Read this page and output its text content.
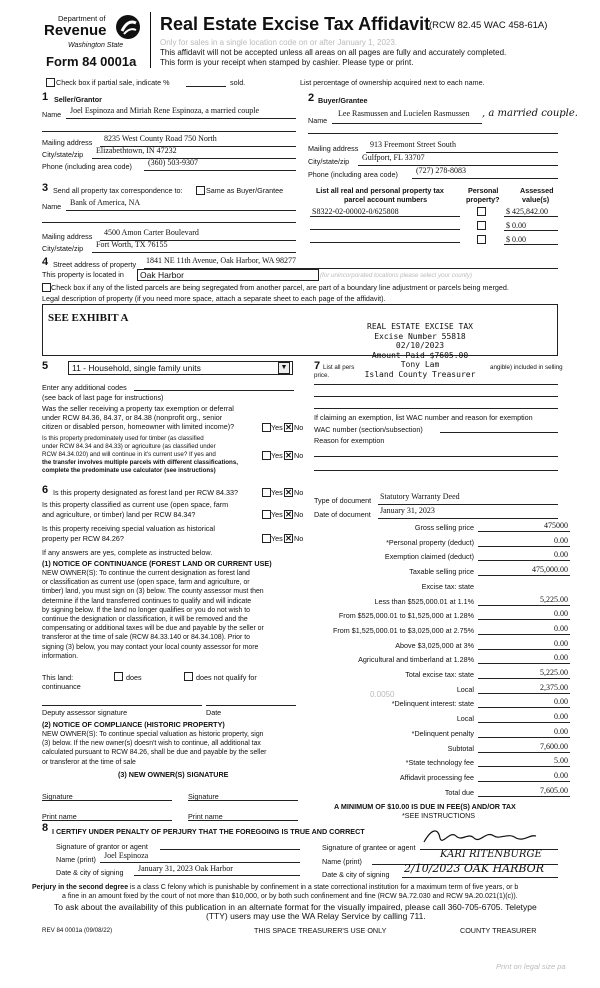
Department of
Revenue
Washington State
Form 84 0001a
Real Estate Excise Tax Affidavit
(RCW 82.45 WAC 458-61A)
Only for sales in a single location code on or after January 1, 2023.
This affidavit will not be accepted unless all areas on all pages are fully and accurately completed.
This form is your receipt when stamped by cashier. Please type or print.
Check box if partial sale, indicate %	sold.	List percentage of ownership acquired next to each name.
1 Seller/Grantor
Name Joel Espinoza and Miriah Rene Espinoza, a married couple
Mailing address 8235 West County Road 750 North
City/state/zip Elizabethtown, IN 47232
Phone (including area code) (360) 503-9307
2 Buyer/Grantee
Name
Lee Rasmussen and Lucielen Rasmussen , a married couple.
Mailing address 913 Freemont Street South
City/state/zip Gulfport, FL 33707
Phone (including area code) (727) 278-8083
3 Send all property tax correspondence to:	Same as Buyer/Grantee
Name Bank of America, NA
Mailing address 4500 Amon Carter Boulevard
City/state/zip Fort Worth, TX 76155
List all real and personal property tax
parcel account numbers
Personal
property?
Assessed
value(s)
S8322-02-00002-0/625808	$ 425,842.00
$ 0.00
$ 0.00
4 Street address of property 1841 NE 11th Avenue, Oak Harbor, WA 98277
This property is located in	Oak Harbor	(for unincorporated locations please select your county)
Check box if any of the listed parcels are being segregated from another parcel, are part of a boundary line adjustment or parcels being merged.
Legal description of property (if you need more space, attach a separate sheet to each page of the affidavit).
SEE EXHIBIT A
REAL ESTATE EXCISE TAX
Excise Number 55818
02/10/2023
Amount Paid $7605.00
Tony Lam
Island County Treasurer
5	11 - Household, single family units	▼
Enter any additional codes
(see back of last page for instructions)
Was the seller receiving a property tax exemption or deferral
under RCW 84.36, 84.37, or 84.38 (nonprofit org., senior
citizen or disabled person, homeowner with limited income)?	Yes ✕ No
Is this property predominately used for timber (as classified
under RCW 84.34 and 84.33) or agriculture (as classified under
RCW 84.34.020) and will continue in it's current use? If yes and
the transfer involves multiple parcels with different classifications,
complete the predominate use calculator (see instructions)
Yes ✕ No
7 List all pers
price.
angible) included in selling
If claiming an exemption, list WAC number and reason for exemption
WAC number (section/subsection)
Reason for exemption
6 Is this property designated as forest land per RCW 84.33?	Yes ✕ No
Is this property classified as current use (open space, farm
and agriculture, or timber) land per RCW 84.34?	Yes ✕ No
Is this property receiving special valuation as historical
property per RCW 84.26?	Yes ✕ No
If any answers are yes, complete as instructed below.
(1) NOTICE OF CONTINUANCE (FOREST LAND OR CURRENT USE)
NEW OWNER(S): To continue the current designation as forest land
or classification as current use (open space, farm and agriculture, or
timber) land, you must sign on (3) below. The county assessor must then
determine if the land transferred continues to qualify and will indicate
by signing below. If the land no longer qualifies or you do not wish to
continue the designation or classification, it will be removed and the
compensating or additional taxes will be due and payable by the seller or
transferor at the time of sale (RCW 84.33.140 or 84.34.108). Prior to
signing (3) below, you may contact your local county assessor for more
information.
This land:
continuance
does	does not qualify for
Deputy assessor signature	Date
(2) NOTICE OF COMPLIANCE (HISTORIC PROPERTY)
NEW OWNER(S): To continue special valuation as historic property, sign
(3) below. If the new owner(s) doesn't wish to continue, all additional tax
calculated pursuant to RCW 84.26, shall be due and payable by the seller
or transferor at the time of sale
(3) NEW OWNER(S) SIGNATURE
Signature	Signature
Print name	Print name
Type of document Statutory Warranty Deed
Date of document January 31, 2023
Gross selling price	475000
*Personal property (deduct)	0.00
Exemption claimed (deduct)	0.00
Taxable selling price	475,000.00
Excise tax: state
Less than $525,000.01 at 1.1%	5,225.00
From $525,000.01 to $1,525,000 at 1.28%	0.00
From $1,525,000.01 to $3,025,000 at 2.75%	0.00
Above $3,025,000 at 3%	0.00
Agricultural and timberland at 1.28%	0.00
Total excise tax: state	5,225.00
Local	2,375.00
*Delinquent interest: state	0.00
Local	0.00
*Delinquent penalty	0.00
Subtotal	7,600.00
*State technology fee	5.00
Affidavit processing fee	0.00
Total due	7,605.00
0.0050
A MINIMUM OF $10.00 IS DUE IN FEE(S) AND/OR TAX
*SEE INSTRUCTIONS
8 I CERTIFY UNDER PENALTY OF PERJURY THAT THE FOREGOING IS TRUE AND CORRECT
Signature of grantor or agent
Name (print) Joel Espinoza
Date & city of signing January 31, 2023 Oak Harbor
Signature of grantee or agent
Name (print)
KARI RITENBURGE
Date & city of signing 2/10/2023 OAK HARBOR
Perjury in the second degree is a class C felony which is punishable by confinement in a state correctional institution for a maximum term of five years, or b
a fine in an amount fixed by the court of not more than $10,000, or by both such confinement and fine (RCW 9A.72.030 and RCW 9A.20.021(1)(c)).
To ask about the availability of this publication in an alternate format for the visually impaired, please call 360-705-6705. Teletype
(TTY) users may use the WA Relay Service by calling 711.
REV 84 0001a (09/08/22)	THIS SPACE TREASURER'S USE ONLY	COUNTY TREASURER
Print on legal size pa
